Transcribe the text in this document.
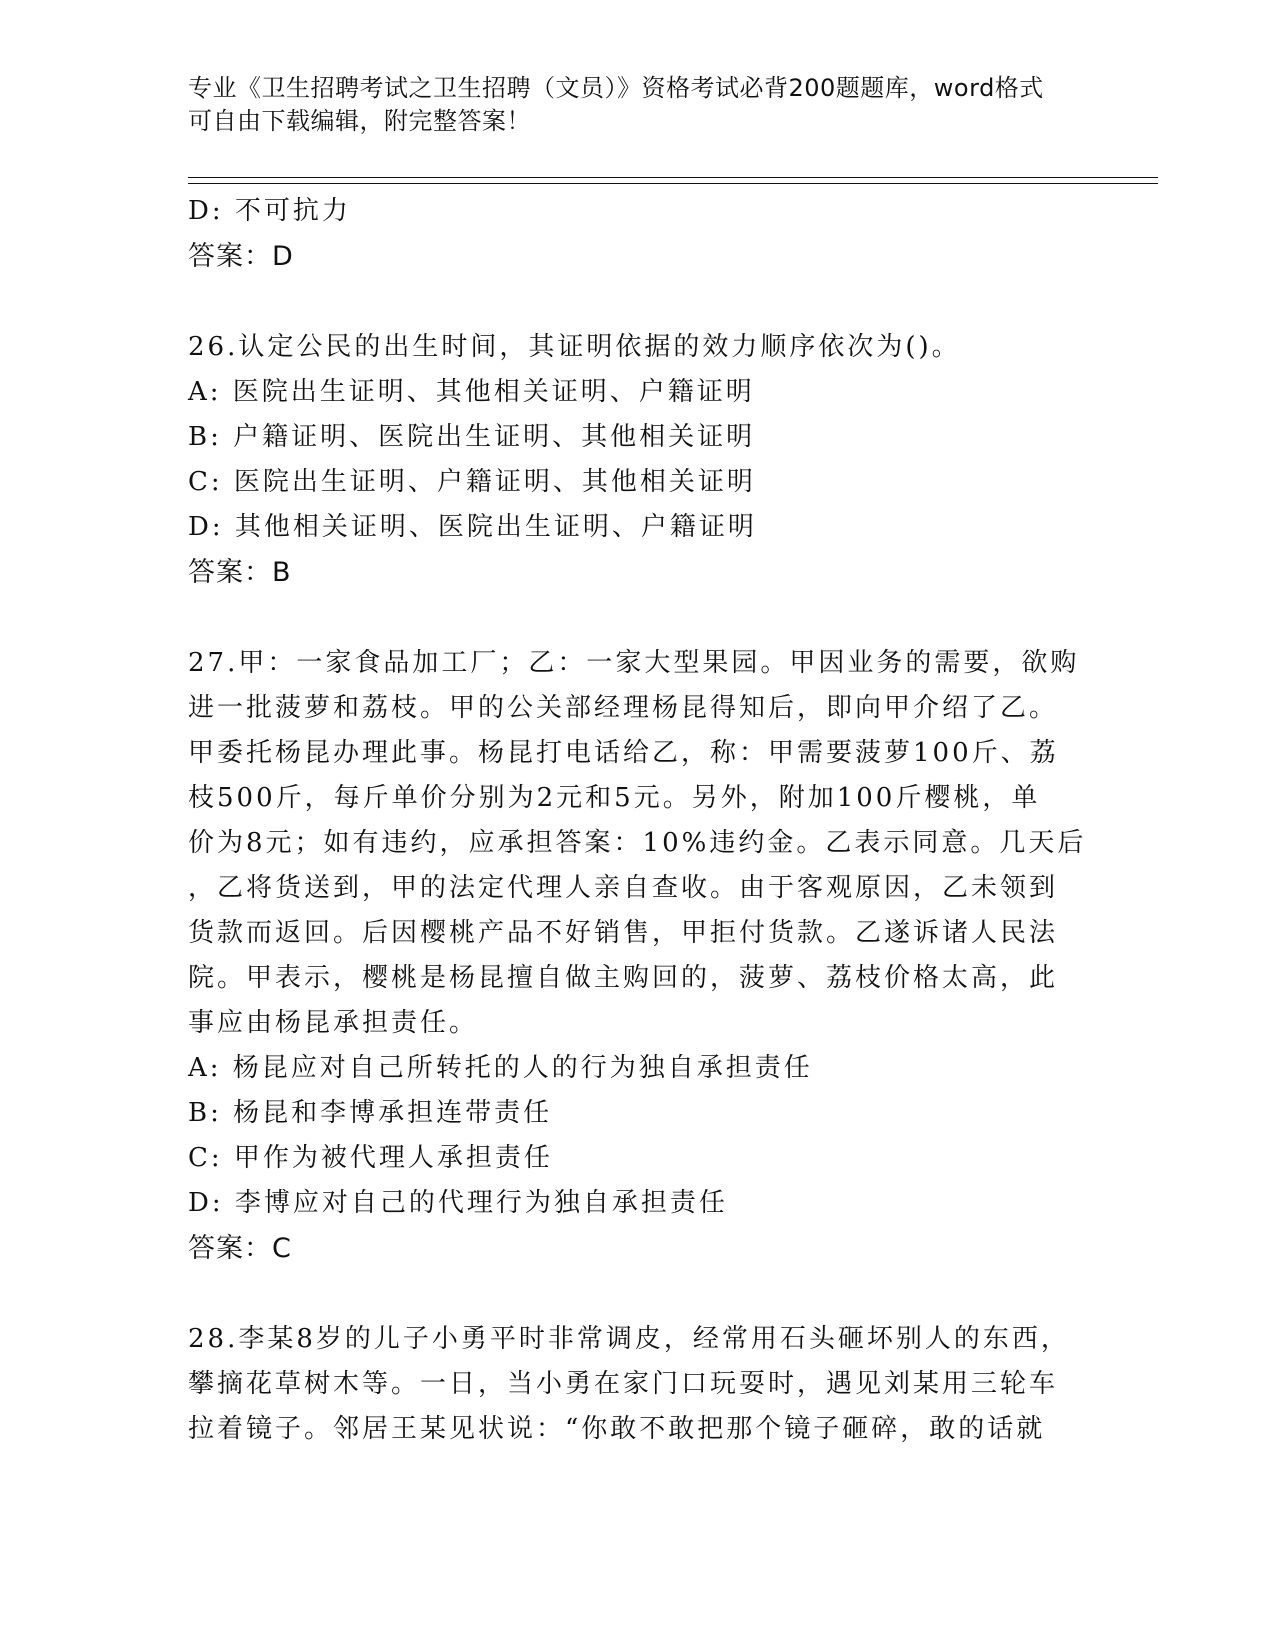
专业《卫生招聘考试之卫生招聘（文员）》资格考试必背200题题库，word格式
可自由下载编辑，附完整答案！
D: 不可抗力
答案：D
26.认定公民的出生时间，其证明依据的效力顺序依次为()。
A: 医院出生证明、其他相关证明、户籍证明
B: 户籍证明、医院出生证明、其他相关证明
C: 医院出生证明、户籍证明、其他相关证明
D: 其他相关证明、医院出生证明、户籍证明
答案：B
27.甲：一家食品加工厂；乙：一家大型果园。甲因业务的需要，欲购
进一批菠萝和荔枝。甲的公关部经理杨昆得知后，即向甲介绍了乙。
甲委托杨昆办理此事。杨昆打电话给乙，称：甲需要菠萝100斤、荔
枝500斤，每斤单价分别为2元和5元。另外，附加100斤樱桃，单
价为8元；如有违约，应承担答案：10%违约金。乙表示同意。几天后
，乙将货送到，甲的法定代理人亲自查收。由于客观原因，乙未领到
货款而返回。后因樱桃产品不好销售，甲拒付货款。乙遂诉诸人民法
院。甲表示，樱桃是杨昆擅自做主购回的，菠萝、荔枝价格太高，此
事应由杨昆承担责任。
A: 杨昆应对自己所转托的人的行为独自承担责任
B: 杨昆和李博承担连带责任
C: 甲作为被代理人承担责任
D: 李博应对自己的代理行为独自承担责任
答案：C
28.李某8岁的儿子小勇平时非常调皮，经常用石头砸坏别人的东西，
攀摘花草树木等。一日，当小勇在家门口玩耍时，遇见刘某用三轮车
拉着镜子。邻居王某见状说：“你敢不敢把那个镜子砸碎，敢的话就
